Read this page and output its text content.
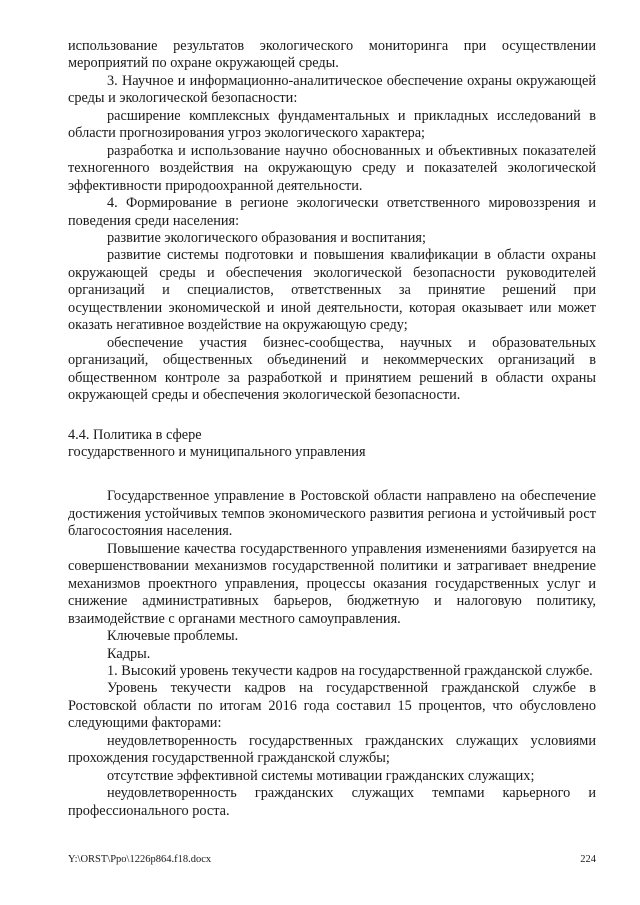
использование результатов экологического мониторинга при осуществлении мероприятий по охране окружающей среды.

3. Научное и информационно-аналитическое обеспечение охраны окружающей среды и экологической безопасности:

расширение комплексных фундаментальных и прикладных исследований в области прогнозирования угроз экологического характера;

разработка и использование научно обоснованных и объективных показателей техногенного воздействия на окружающую среду и показателей экологической эффективности природоохранной деятельности.

4. Формирование в регионе экологически ответственного мировоззрения и поведения среди населения:

развитие экологического образования и воспитания;

развитие системы подготовки и повышения квалификации в области охраны окружающей среды и обеспечения экологической безопасности руководителей организаций и специалистов, ответственных за принятие решений при осуществлении экономической и иной деятельности, которая оказывает или может оказать негативное воздействие на окружающую среду;

обеспечение участия бизнес-сообщества, научных и образовательных организаций, общественных объединений и некоммерческих организаций в общественном контроле за разработкой и принятием решений в области охраны окружающей среды и обеспечения экологической безопасности.

4.4. Политика в сфере

государственного и муниципального управления

Государственное управление в Ростовской области направлено на обеспечение достижения устойчивых темпов экономического развития региона и устойчивый рост благосостояния населения.

Повышение качества государственного управления изменениями базируется на совершенствовании механизмов государственной политики и затрагивает внедрение механизмов проектного управления, процессы оказания государственных услуг и снижение административных барьеров, бюджетную и налоговую политику, взаимодействие с органами местного самоуправления.

Ключевые проблемы.

Кадры.

1. Высокий уровень текучести кадров на государственной гражданской службе.

Уровень текучести кадров на государственной гражданской службе в Ростовской области по итогам 2016 года составил 15 процентов, что обусловлено следующими факторами:

неудовлетворенность государственных гражданских служащих условиями прохождения государственной гражданской службы;

отсутствие эффективной системы мотивации гражданских служащих;

неудовлетворенность гражданских служащих темпами карьерного и профессионального роста.

Y:\ORST\Ppo\1226p864.f18.docx	224
